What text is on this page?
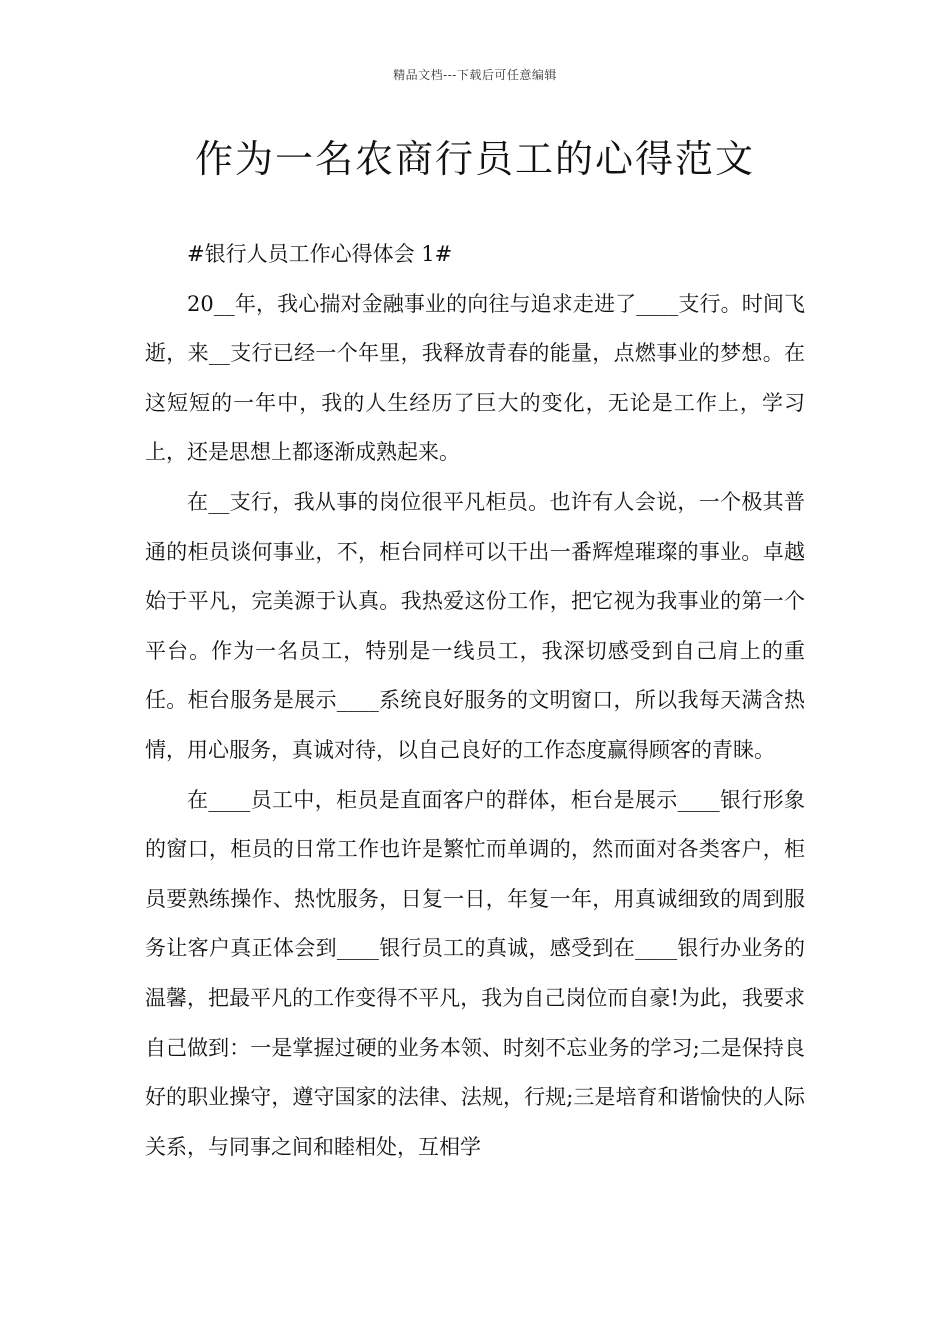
精品文档---下载后可任意编辑
作为一名农商行员工的心得范文

#银行人员工作心得体会 1#

20__年，我心揣对金融事业的向往与追求走进了____支行。时间飞逝，来__支行已经一个年里，我释放青春的能量，点燃事业的梦想。在这短短的一年中，我的人生经历了巨大的变化，无论是工作上，学习上，还是思想上都逐渐成熟起来。

在__支行，我从事的岗位很平凡柜员。也许有人会说，一个极其普通的柜员谈何事业，不，柜台同样可以干出一番辉煌璀璨的事业。卓越始于平凡，完美源于认真。我热爱这份工作，把它视为我事业的第一个平台。作为一名员工，特别是一线员工，我深切感受到自己肩上的重任。柜台服务是展示____系统良好服务的文明窗口，所以我每天满含热情，用心服务，真诚对待，以自己良好的工作态度赢得顾客的青睐。

在____员工中，柜员是直面客户的群体，柜台是展示____银行形象的窗口，柜员的日常工作也许是繁忙而单调的，然而面对各类客户，柜员要熟练操作、热忱服务，日复一日，年复一年，用真诚细致的周到服务让客户真正体会到____银行员工的真诚，感受到在____银行办业务的温馨，把最平凡的工作变得不平凡，我为自己岗位而自豪!为此，我要求自己做到：一是掌握过硬的业务本领、时刻不忘业务的学习;二是保持良好的职业操守，遵守国家的法律、法规，行规;三是培育和谐愉快的人际关系，与同事之间和睦相处，互相学
